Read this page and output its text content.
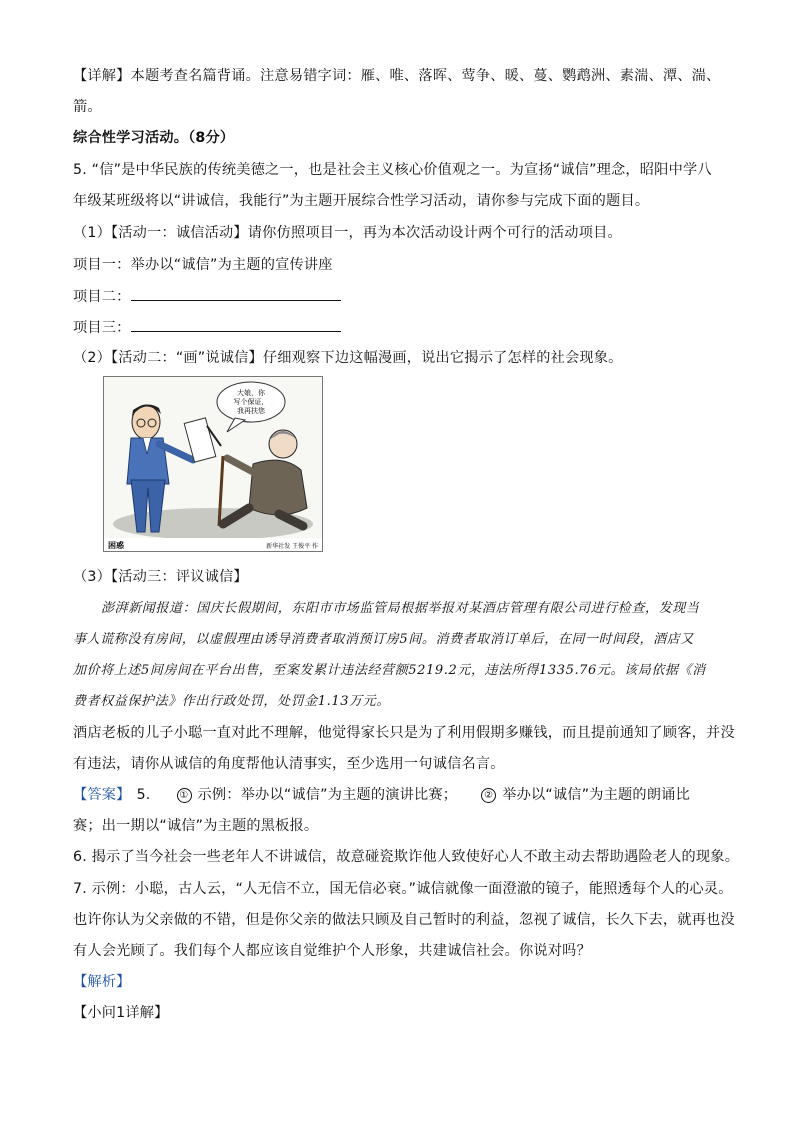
【详解】本题考查名篇背诵。注意易错字词：雁、唯、落晖、莺争、暖、蔓、鹦鹉洲、素湍、潭、湍、
箭。
综合性学习活动。（8分）
5. “信”是中华民族的传统美德之一，也是社会主义核心价值观之一。为宣扬“诚信”理念，昭阳中学八
年级某班级将以“讲诚信，我能行”为主题开展综合性学习活动，请你参与完成下面的题目。
（1）【活动一：诚信活动】请你仿照项目一，再为本次活动设计两个可行的活动项目。
项目一：举办以“诚信”为主题的宣传讲座
项目二：
项目三：
（2）【活动二：“画”说诚信】仔细观察下边这幅漫画，说出它揭示了怎样的社会现象。
大娘，你
写个保证，
我再扶您
困惑	新华社发 王俊平 作
（3）【活动三：评议诚信】
澎湃新闻报道：国庆长假期间，东阳市市场监管局根据举报对某酒店管理有限公司进行检查，发现当
事人谎称没有房间，以虚假理由诱导消费者取消预订房5间。消费者取消订单后，在同一时间段，酒店又
加价将上述5间房间在平台出售，至案发累计违法经营额5219.2元，违法所得1335.76元。该局依据《消
费者权益保护法》作出行政处罚，处罚金1.13万元。
酒店老板的儿子小聪一直对此不理解，他觉得家长只是为了利用假期多赚钱，而且提前通知了顾客，并没
有违法，请你从诚信的角度帮他认清事实，至少选用一句诚信名言。
【答案】 5.	① 示例：举办以“诚信”为主题的演讲比赛；	② 举办以“诚信”为主题的朗诵比
赛；出一期以“诚信”为主题的黑板报。
6. 揭示了当今社会一些老年人不讲诚信，故意碰瓷欺诈他人致使好心人不敢主动去帮助遇险老人的现象。
7. 示例：小聪，古人云，“人无信不立，国无信必衰。”诚信就像一面澄澈的镜子，能照透每个人的心灵。
也许你认为父亲做的不错，但是你父亲的做法只顾及自己暂时的利益，忽视了诚信，长久下去，就再也没
有人会光顾了。我们每个人都应该自觉维护个人形象，共建诚信社会。你说对吗？
【解析】
【小问1详解】
